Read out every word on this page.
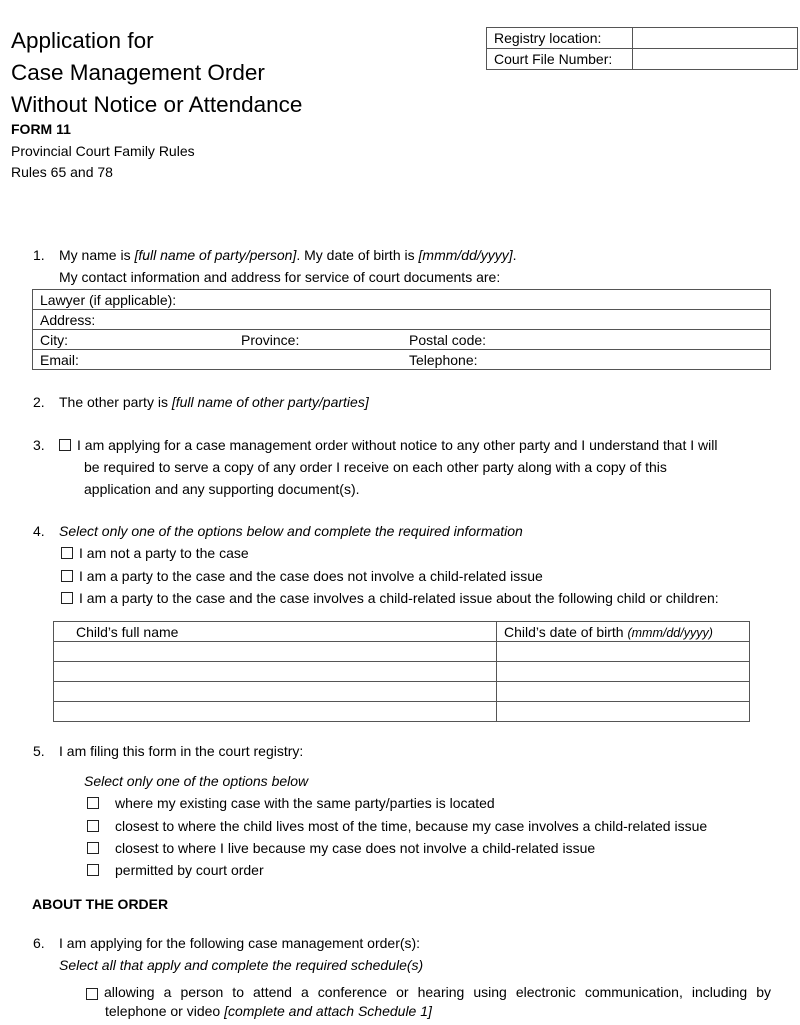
Application for
Case Management Order
Without Notice or Attendance
FORM 11
Provincial Court Family Rules
Rules 65 and 78
Registry location:	
Court File Number:	
1. My name is [full name of party/person]. My date of birth is [mmm/dd/yyyy].
My contact information and address for service of court documents are:
Lawyer (if applicable):
Address:

City:	Province:	Postal code:

Email:	Telephone:
2. The other party is [full name of other party/parties]
3. I am applying for a case management order without notice to any other party and I understand that I will
be required to serve a copy of any order I receive on each other party along with a copy of this
application and any supporting document(s).
4. Select only one of the options below and complete the required information
I am not a party to the case
I am a party to the case and the case does not involve a child-related issue
I am a party to the case and the case involves a child-related issue about the following child or children:
Child’s full name	Child’s date of birth (mmm/dd/yyyy)

5. I am filing this form in the court registry:
Select only one of the options below
where my existing case with the same party/parties is located
closest to where the child lives most of the time, because my case involves a child-related issue
closest to where I live because my case does not involve a child-related issue
permitted by court order
ABOUT THE ORDER
6. I am applying for the following case management order(s):
Select all that apply and complete the required schedule(s)
allowing a person to attend a conference or hearing using electronic communication, including by
telephone or video [complete and attach Schedule 1]
